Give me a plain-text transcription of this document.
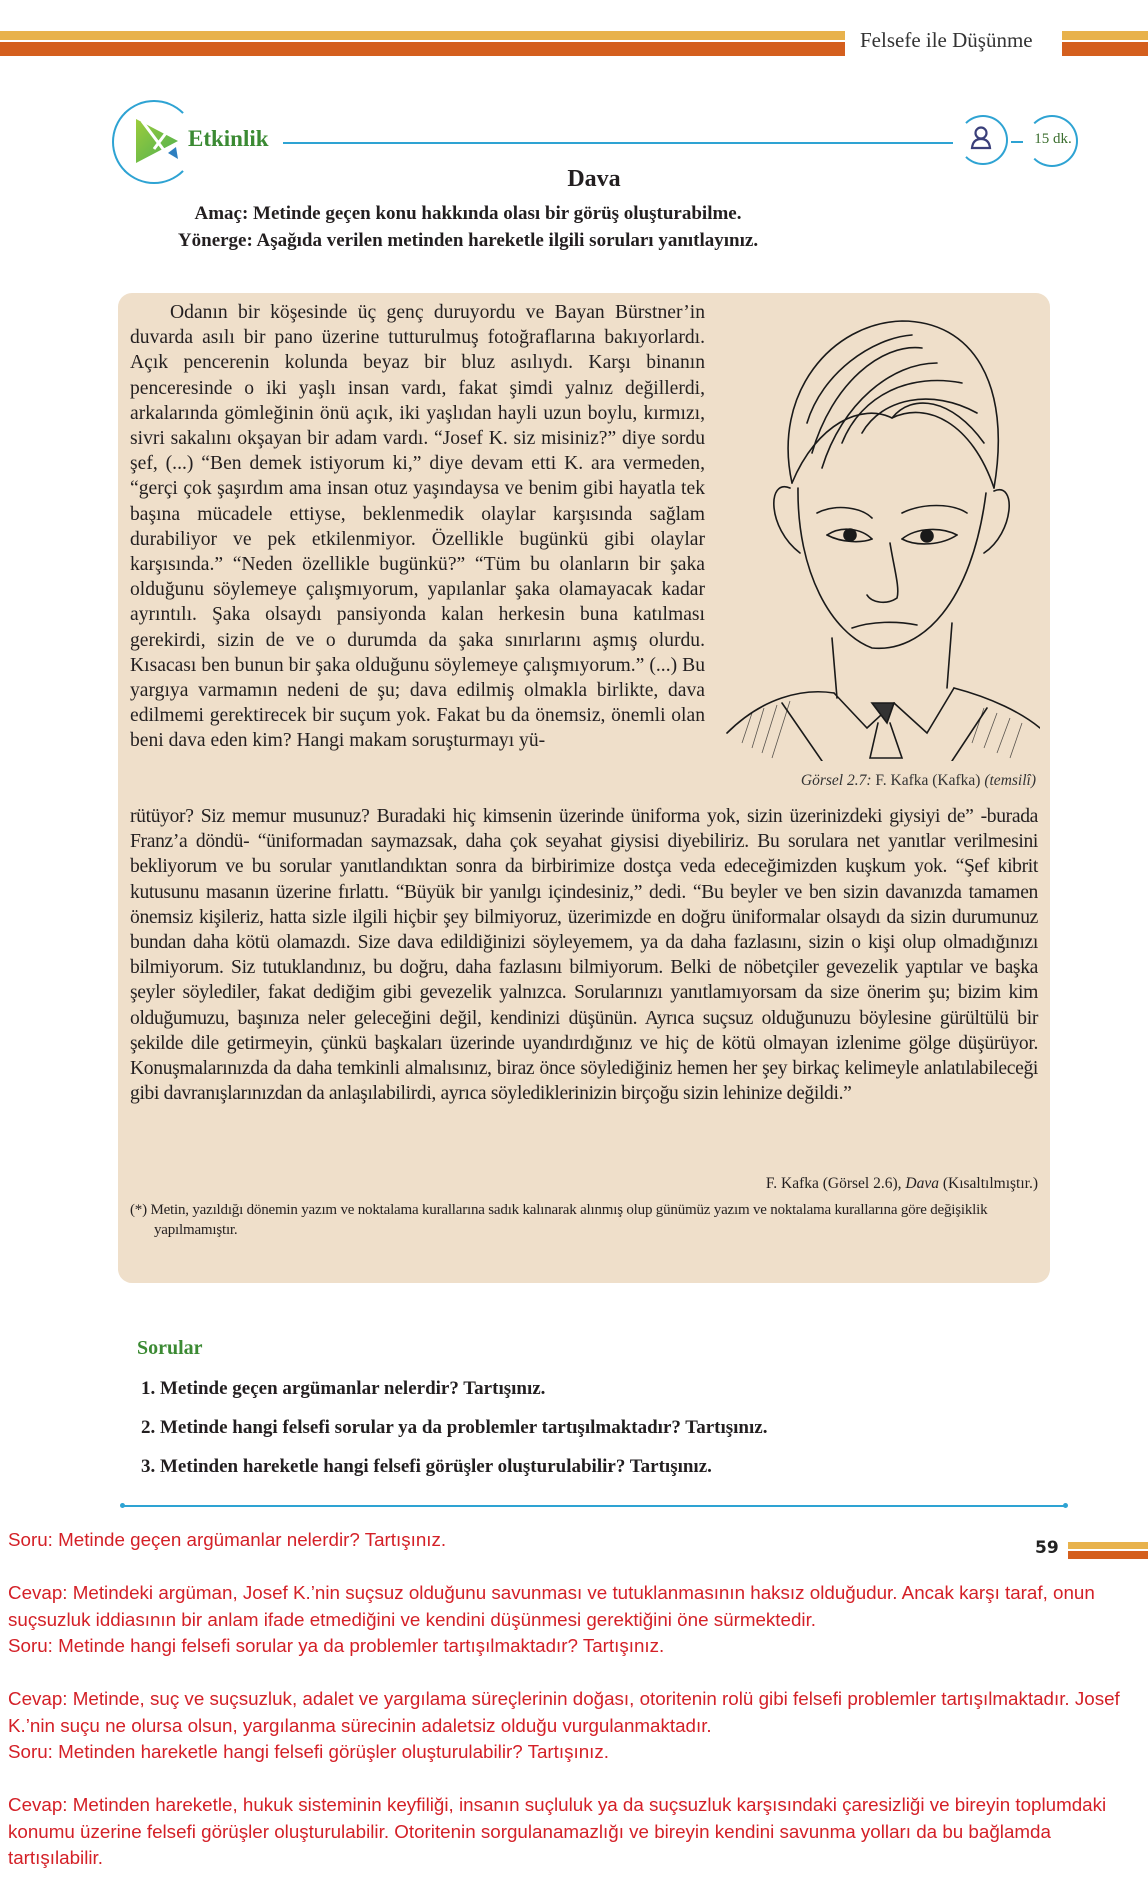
Felsefe ile Düşünme
Etkinlik	15 dk.
Dava
Amaç: Metinde geçen konu hakkında olası bir görüş oluşturabilme.
Yönerge: Aşağıda verilen metinden hareketle ilgili soruları yanıtlayınız.

Odanın bir köşesinde üç genç duruyordu ve Bayan Bürstner’in duvarda asılı bir pano üzerine tutturulmuş fotoğraflarına bakıyorlardı. Açık pencerenin kolunda beyaz bir bluz asılıydı. Karşı binanın penceresinde o iki yaşlı insan vardı, fakat şimdi yalnız değillerdi, arkalarında gömleğinin önü açık, iki yaşlıdan hayli uzun boylu, kırmızı, sivri sakalını okşayan bir adam vardı. “Josef K. siz misiniz?” diye sordu şef, (...) “Ben demek istiyorum ki,” diye devam etti K. ara vermeden, “gerçi çok şaşırdım ama insan otuz yaşındaysa ve benim gibi hayatla tek başına mücadele ettiyse, beklenmedik olaylar karşısında sağlam durabiliyor ve pek etkilenmiyor. Özellikle bugünkü gibi olaylar karşısında.” “Neden özellikle bugünkü?” “Tüm bu olanların bir şaka olduğunu söylemeye çalışmıyorum, yapılanlar şaka olamayacak kadar ayrıntılı. Şaka olsaydı pansiyonda kalan herkesin buna katılması gerekirdi, sizin de ve o durumda da şaka sınırlarını aşmış olurdu. Kısacası ben bunun bir şaka olduğunu söylemeye çalışmıyorum.” (...) Bu yargıya varmamın nedeni de şu; dava edilmiş olmakla birlikte, dava edilmemi gerektirecek bir suçum yok. Fakat bu da önemsiz, önemli olan beni dava eden kim? Hangi makam soruşturmayı yü-

Görsel 2.7: F. Kafka (Kafka) (temsilî)
rütüyor? Siz memur musunuz? Buradaki hiç kimsenin üzerinde üniforma yok, sizin üzerinizdeki giysiyi de” -burada Franz’a döndü- “üniformadan saymazsak, daha çok seyahat giysisi diyebiliriz. Bu sorulara net yanıtlar verilmesini bekliyorum ve bu sorular yanıtlandıktan sonra da birbirimize dostça veda edeceğimizden kuşkum yok. “Şef kibrit kutusunu masanın üzerine fırlattı. “Büyük bir yanılgı içindesiniz,” dedi. “Bu beyler ve ben sizin davanızda tamamen önemsiz kişileriz, hatta sizle ilgili hiçbir şey bilmiyoruz, üzerimizde en doğru üniformalar olsaydı da sizin durumunuz bundan daha kötü olamazdı. Size dava edildiğinizi söyleyemem, ya da daha fazlasını, sizin o kişi olup olmadığınızı bilmiyorum. Siz tutuklandınız, bu doğru, daha fazlasını bilmiyorum. Belki de nöbetçiler gevezelik yaptılar ve başka şeyler söylediler, fakat dediğim gibi gevezelik yalnızca. Sorularınızı yanıtlamıyorsam da size önerim şu; bizim kim olduğumuzu, başınıza neler geleceğini değil, kendinizi düşünün. Ayrıca suçsuz olduğunuzu böylesine gürültülü bir şekilde dile getirmeyin, çünkü başkaları üzerinde uyandırdığınız ve hiç de kötü olmayan izlenime gölge düşürüyor. Konuşmalarınızda da daha temkinli almalısınız, biraz önce söylediğiniz hemen her şey birkaç kelimeyle anlatılabileceği gibi davranışlarınızdan da anlaşılabilirdi, ayrıca söylediklerinizin birçoğu sizin lehinize değildi.”
F. Kafka (Görsel 2.6), Dava (Kısaltılmıştır.)
(*) Metin, yazıldığı dönemin yazım ve noktalama kurallarına sadık kalınarak alınmış olup günümüz yazım ve noktalama kurallarına göre değişiklik yapılmamıştır.
Sorular
1. Metinde geçen argümanlar nelerdir? Tartışınız.
2. Metinde hangi felsefi sorular ya da problemler tartışılmaktadır? Tartışınız.
3. Metinden hareketle hangi felsefi görüşler oluşturulabilir? Tartışınız.
59

Soru: Metinde geçen argümanlar nelerdir? Tartışınız.

Cevap: Metindeki argüman, Josef K.’nin suçsuz olduğunu savunması ve tutuklanmasının haksız olduğudur. Ancak karşı taraf, onun suçsuzluk iddiasının bir anlam ifade etmediğini ve kendini düşünmesi gerektiğini öne sürmektedir.

Soru: Metinde hangi felsefi sorular ya da problemler tartışılmaktadır? Tartışınız.

Cevap: Metinde, suç ve suçsuzluk, adalet ve yargılama süreçlerinin doğası, otoritenin rolü gibi felsefi problemler tartışılmaktadır. Josef K.’nin suçu ne olursa olsun, yargılanma sürecinin adaletsiz olduğu vurgulanmaktadır.

Soru: Metinden hareketle hangi felsefi görüşler oluşturulabilir? Tartışınız.

Cevap: Metinden hareketle, hukuk sisteminin keyfiliği, insanın suçluluk ya da suçsuzluk karşısındaki çaresizliği ve bireyin toplumdaki konumu üzerine felsefi görüşler oluşturulabilir. Otoritenin sorgulanamazlığı ve bireyin kendini savunma yolları da bu bağlamda tartışılabilir.
